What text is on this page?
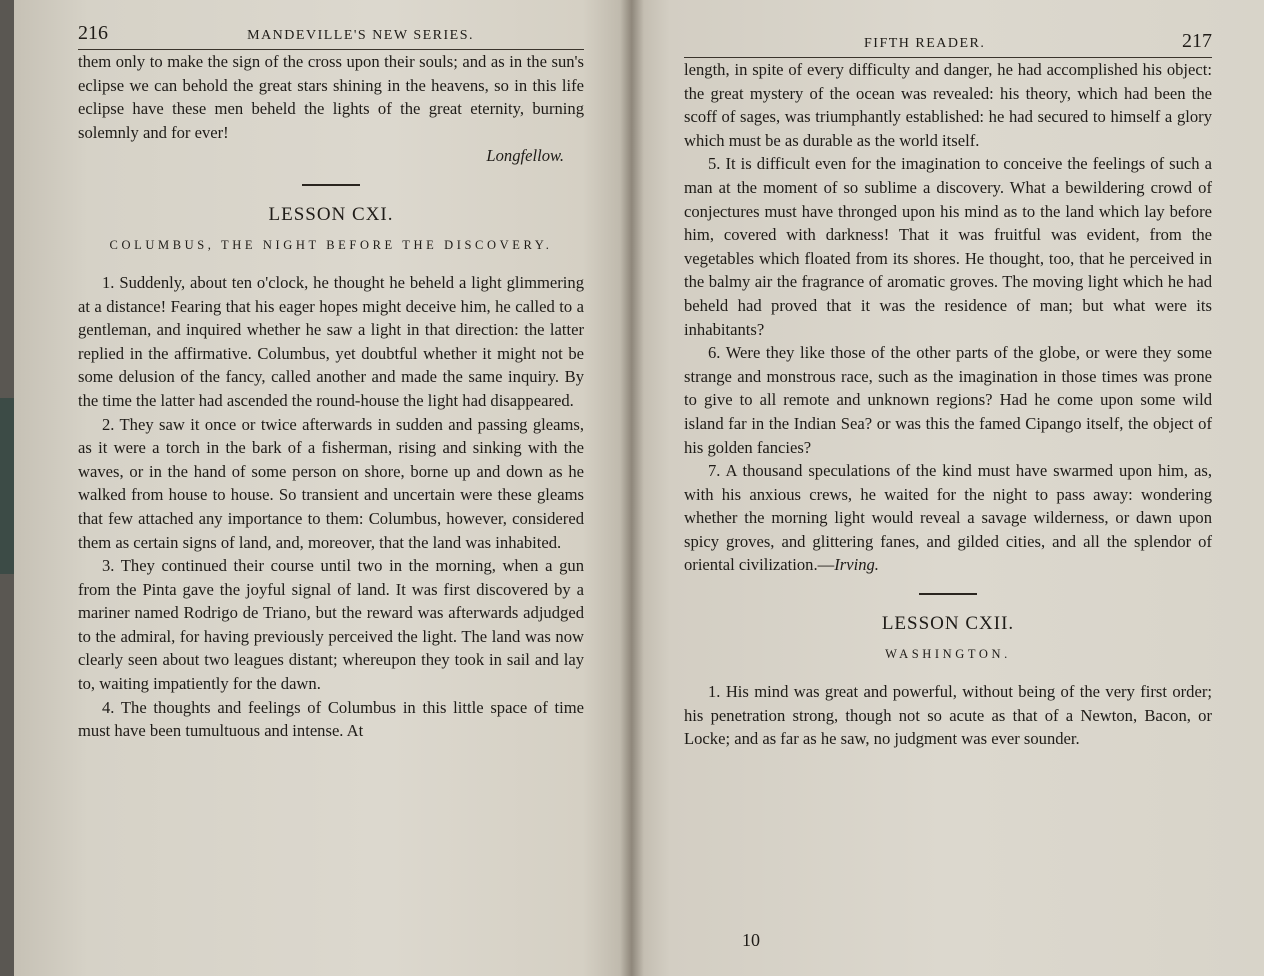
216	MANDEVILLE'S NEW SERIES.

them only to make the sign of the cross upon their souls; and as in the sun's eclipse we can behold the great stars shining in the heavens, so in this life eclipse have these men beheld the lights of the great eternity, burning solemnly and for ever!

Longfellow.

LESSON CXI.
COLUMBUS, THE NIGHT BEFORE THE DISCOVERY.

1. Suddenly, about ten o'clock, he thought he beheld a light glimmering at a distance! Fearing that his eager hopes might deceive him, he called to a gentleman, and inquired whether he saw a light in that direction: the latter replied in the affirmative. Columbus, yet doubtful whether it might not be some delusion of the fancy, called another and made the same inquiry. By the time the latter had ascended the round-house the light had disappeared.

2. They saw it once or twice afterwards in sudden and passing gleams, as it were a torch in the bark of a fisherman, rising and sinking with the waves, or in the hand of some person on shore, borne up and down as he walked from house to house. So transient and uncertain were these gleams that few attached any importance to them: Columbus, however, considered them as certain signs of land, and, moreover, that the land was inhabited.

3. They continued their course until two in the morning, when a gun from the Pinta gave the joyful signal of land. It was first discovered by a mariner named Rodrigo de Triano, but the reward was afterwards adjudged to the admiral, for having previously perceived the light. The land was now clearly seen about two leagues distant; whereupon they took in sail and lay to, waiting impatiently for the dawn.

4. The thoughts and feelings of Columbus in this little space of time must have been tumultuous and intense. At

FIFTH READER.	217

length, in spite of every difficulty and danger, he had accomplished his object: the great mystery of the ocean was revealed: his theory, which had been the scoff of sages, was triumphantly established: he had secured to himself a glory which must be as durable as the world itself.

5. It is difficult even for the imagination to conceive the feelings of such a man at the moment of so sublime a discovery. What a bewildering crowd of conjectures must have thronged upon his mind as to the land which lay before him, covered with darkness! That it was fruitful was evident, from the vegetables which floated from its shores. He thought, too, that he perceived in the balmy air the fragrance of aromatic groves. The moving light which he had beheld had proved that it was the residence of man; but what were its inhabitants?

6. Were they like those of the other parts of the globe, or were they some strange and monstrous race, such as the imagination in those times was prone to give to all remote and unknown regions? Had he come upon some wild island far in the Indian Sea? or was this the famed Cipango itself, the object of his golden fancies?

7. A thousand speculations of the kind must have swarmed upon him, as, with his anxious crews, he waited for the night to pass away: wondering whether the morning light would reveal a savage wilderness, or dawn upon spicy groves, and glittering fanes, and gilded cities, and all the splendor of oriental civilization.—Irving.

LESSON CXII.
WASHINGTON.

1. His mind was great and powerful, without being of the very first order; his penetration strong, though not so acute as that of a Newton, Bacon, or Locke; and as far as he saw, no judgment was ever sounder.

10
